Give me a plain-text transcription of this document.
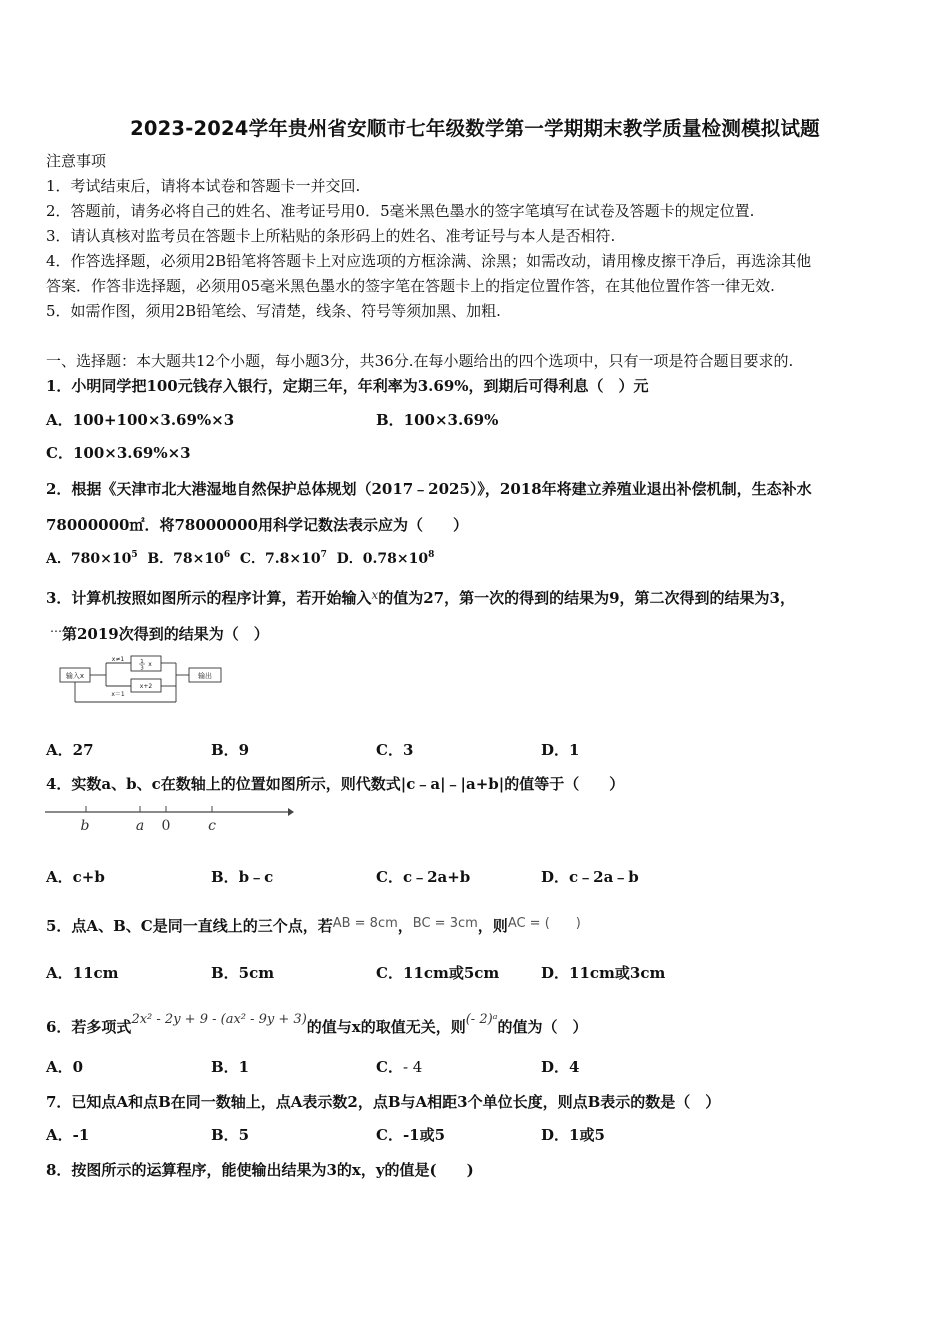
2023-2024学年贵州省安顺市七年级数学第一学期期末教学质量检测模拟试题
注意事项
1．考试结束后，请将本试卷和答题卡一并交回.
2．答题前，请务必将自己的姓名、准考证号用0．5毫米黑色墨水的签字笔填写在试卷及答题卡的规定位置.
3．请认真核对监考员在答题卡上所粘贴的条形码上的姓名、准考证号与本人是否相符.
4．作答选择题，必须用2B铅笔将答题卡上对应选项的方框涂满、涂黑；如需改动，请用橡皮擦干净后，再选涂其他
答案．作答非选择题，必须用05毫米黑色墨水的签字笔在答题卡上的指定位置作答，在其他位置作答一律无效.
5．如需作图，须用2B铅笔绘、写清楚，线条、符号等须加黑、加粗.
一、选择题：本大题共12个小题，每小题3分，共36分.在每小题给出的四个选项中，只有一项是符合题目要求的.
1．小明同学把100元钱存入银行，定期三年，年利率为3.69%，到期后可得利息（　）元
A．100+100×3.69%×3	B．100×3.69%
C．100×3.69%×3
2．根据《天津市北大港湿地自然保护总体规划（2017﹣2025）》，2018年将建立养殖业退出补偿机制，生态补水
78000000㎡．将78000000用科学记数法表示应为（　　）
A．$780\times 10^5$ B．$78\times 10^6$ C．$7.8\times 10^7$ D．$0.78\times 10^8$
3．计算机按照如图所示的程序计算，若开始输入$^x$的值为27，第一次的得到的结果为9，第二次得到的结果为3，
⋯第2019次得到的结果为（　）
输入x	输出
x≠1
x＝1
1
3
x
x+2
A．27	B．9	C．3	D．1
4．实数a、b、c在数轴上的位置如图所示，则代数式|c﹣a|﹣|a+b|的值等于（　　）
b	a 0	c
A．c+b	B．b﹣c	C．c﹣2a+b	D．c﹣2a﹣b
5．点A、B、C是同一直线上的三个点，若AB = 8cm，BC = 3cm，则AC = (　　)
A．11cm	B．5cm	C．11cm或5cm	D．11cm或3cm
6．若多项式2x² - 2y + 9 - (ax² - 9y + 3)的值与x的取值无关，则(- 2)ᵃ的值为（　）
A．0	B．1	C．- 4	D．4
7．已知点A和点B在同一数轴上，点A表示数2，点B与A相距3个单位长度，则点B表示的数是（　）
A．-1	B．5	C．-1或5	D．1或5
8．按图所示的运算程序，能使输出结果为3的x，y的值是(　　)
